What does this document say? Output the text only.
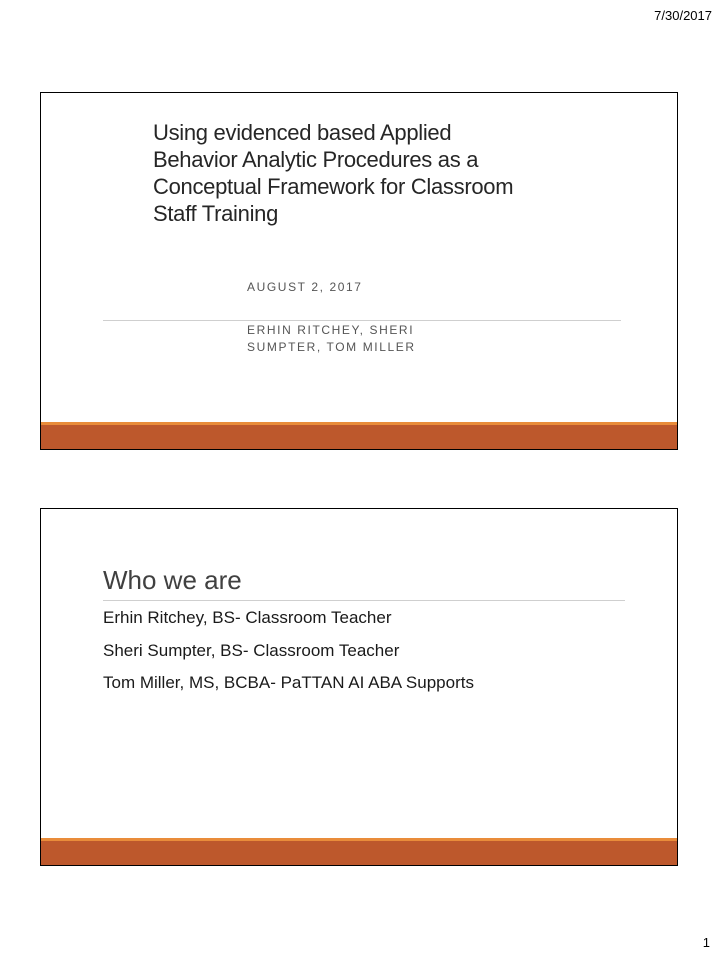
7/30/2017
Using evidenced based Applied
Behavior Analytic Procedures as a
Conceptual Framework for Classroom
Staff Training
AUGUST 2, 2017
ERHIN RITCHEY, SHERI
SUMPTER, TOM MILLER
Who we are
Erhin Ritchey, BS- Classroom Teacher
Sheri Sumpter, BS- Classroom Teacher
Tom Miller, MS, BCBA- PaTTAN AI ABA Supports
1
